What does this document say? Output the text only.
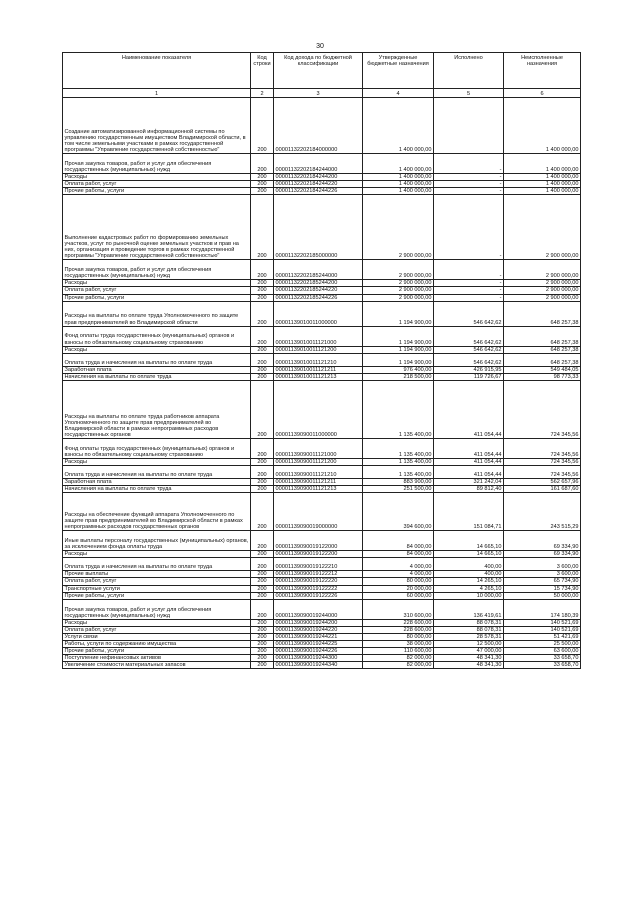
30
Наименование показателя	Код строки	Код дохода по бюджетной классификации	Утвержденные бюджетные назначения	Исполнено	Неисполненные назначения
1	2	3	4	5	6
Создание автоматизированной информационной системы по управлению государственным имуществом Владимирской области, в том числе земельными участками в рамках государственной программы "Управление государственной собственностью"	200	00001132202184000000	1 400 000,00		1 400 000,00
Прочая закупка товаров, работ и услуг для обеспечения государственных (муниципальных) нужд	200	00001132202184244000	1 400 000,00	-	1 400 000,00
Расходы	200	00001132202184244200	1 400 000,00	-	1 400 000,00
Оплата работ, услуг	200	00001132202184244220	1 400 000,00	-	1 400 000,00
Прочие работы, услуги	200	00001132202184244226	1 400 000,00	-	1 400 000,00
Выполнение кадастровых работ по формированию земельных участков, услуг по рыночной оценке земельных участков и прав на них, организация и проведение торгов в рамках государственной программы "Управление государственной собственностью"	200	00001132202185000000	2 900 000,00	-	2 900 000,00
Прочая закупка товаров, работ и услуг для обеспечения государственных (муниципальных) нужд	200	00001132202185244000	2 900 000,00	-	2 900 000,00
Расходы	200	00001132202185244200	2 900 000,00	-	2 900 000,00
Оплата работ, услуг	200	00001132202185244220	2 900 000,00	-	2 900 000,00
Прочие работы, услуги	200	00001132202185244226	2 900 000,00	-	2 900 000,00
Расходы на выплаты по оплате труда Уполномоченного по защите прав предпринимателей во Владимирской области	200	00001139010011000000	1 194 900,00	546 642,62	648 257,38
Фонд оплаты труда государственных (муниципальных) органов и взносы по обязательному социальному страхованию	200	00001139010011121000	1 194 900,00	546 642,62	648 257,38
Расходы	200	00001139010011121200	1 194 900,00	546 642,62	648 257,38
Оплата труда и начисления на выплаты по оплате труда	200	00001139010011121210	1 194 900,00	546 642,62	648 257,38
Заработная плата	200	00001139010011121211	976 400,00	426 915,95	549 484,05
Начисления на выплаты по оплате труда	200	00001139010011121213	218 500,00	119 726,67	98 773,33
Расходы на выплаты по оплате труда работников аппарата Уполномоченного по защите прав предпринимателей во Владимирской области в рамках непрограммных расходов государственных органов	200	00001139090011000000	1 135 400,00	411 054,44	724 345,56
Фонд оплаты труда государственных (муниципальных) органов и взносы по обязательному социальному страхованию	200	00001139090011121000	1 135 400,00	411 054,44	724 345,56
Расходы	200	00001139090011121200	1 135 400,00	411 054,44	724 345,56
Оплата труда и начисления на выплаты по оплате труда	200	00001139090011121210	1 135 400,00	411 054,44	724 345,56
Заработная плата	200	00001139090011121211	883 900,00	321 242,04	562 657,96
Начисления на выплаты по оплате труда	200	00001139090011121213	251 500,00	89 812,40	161 687,60
Расходы на обеспечение функций аппарата Уполномоченного по защите прав предпринимателей во Владимирской области в рамках непрограммных расходов государственных органов	200	00001139090019000000	394 600,00	151 084,71	243 515,29
Иные выплаты персоналу государственных (муниципальных) органов, за исключением фонда оплаты труда	200	00001139090019122000	84 000,00	14 665,10	69 334,90
Расходы	200	00001139090019122200	84 000,00	14 665,10	69 334,90
Оплата труда и начисления на выплаты по оплате труда	200	00001139090019122210	4 000,00	400,00	3 600,00
Прочие выплаты	200	00001139090019122212	4 000,00	400,00	3 600,00
Оплата работ, услуг	200	00001139090019122220	80 000,00	14 265,10	65 734,90
Транспортные услуги	200	00001139090019122222	20 000,00	4 265,10	15 734,90
Прочие работы, услуги	200	00001139090019122226	60 000,00	10 000,00	50 000,00
Прочая закупка товаров, работ и услуг для обеспечения государственных (муниципальных) нужд	200	00001139090019244000	310 600,00	136 419,61	174 180,39
Расходы	200	00001139090019244200	228 600,00	88 078,31	140 521,69
Оплата работ, услуг	200	00001139090019244220	228 600,00	88 078,31	140 521,69
Услуги связи	200	00001139090019244221	80 000,00	28 578,31	51 421,69
Работы, услуги по содержанию имущества	200	00001139090019244225	38 000,00	12 500,00	25 500,00
Прочие работы, услуги	200	00001139090019244226	110 600,00	47 000,00	63 600,00
Поступление нефинансовых активов	200	00001139090019244300	82 000,00	48 341,30	33 658,70
Увеличение стоимости материальных запасов	200	00001139090019244340	82 000,00	48 341,30	33 658,70
